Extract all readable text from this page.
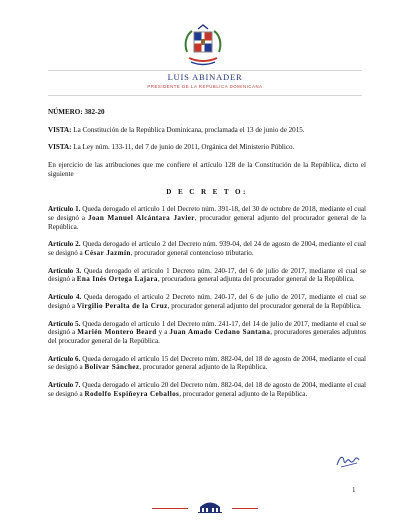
LUIS ABINADER
PRESIDENTE DE LA REPÚBLICA DOMINICANA

NÚMERO: 382-20

VISTA: La Constitución de la República Dominicana, proclamada el 13 de junio de 2015.

VISTA: La Ley núm. 133-11, del 7 de junio de 2011, Orgánica del Ministerio Público.

En ejercicio de las atribuciones que me confiere el artículo 128 de la Constitución de la República, dicto el siguiente

D E C R E T O:

Artículo 1. Queda derogado el artículo 1 del Decreto núm. 391-18, del 30 de octubre de 2018, mediante el cual se designó a Joan Manuel Alcántara Javier, procurador general adjunto del procurador general de la República.

Artículo 2. Queda derogado el artículo 2 del Decreto núm. 939-04, del 24 de agosto de 2004, mediante el cual se designó a César Jazmín, procurador general contencioso tributario.

Artículo 3. Queda derogado el artículo 1 Decreto núm. 240-17, del 6 de julio de 2017, mediante el cual se designó a Ena Inés Ortega Lajara, procuradora general adjunta del procurador general de la República.

Artículo 4. Queda derogado el artículo 2 Decreto núm. 240-17, del 6 de julio de 2017, mediante el cual se designó a Virgilio Peralta de la Cruz, procurador general adjunto del procurador general de la República.

Artículo 5. Queda derogado el artículo 1 del Decreto núm. 241-17, del 14 de julio de 2017, mediante el cual se designó a Marién Montero Beard y a Juan Amado Cedano Santana, procuradores generales adjuntos del procurador general de la República.

Artículo 6. Queda derogado el artículo 15 del Decreto núm. 882-04, del 18 de agosto de 2004, mediante el cual se designó a Bolívar Sánchez, procurador general adjunto de la República.

Artículo 7. Queda derogado el artículo 20 del Decreto núm. 882-04, del 18 de agosto de 2004, mediante el cual se designó a Rodolfo Espiñeyra Ceballos, procurador general adjunto de la República.

1
